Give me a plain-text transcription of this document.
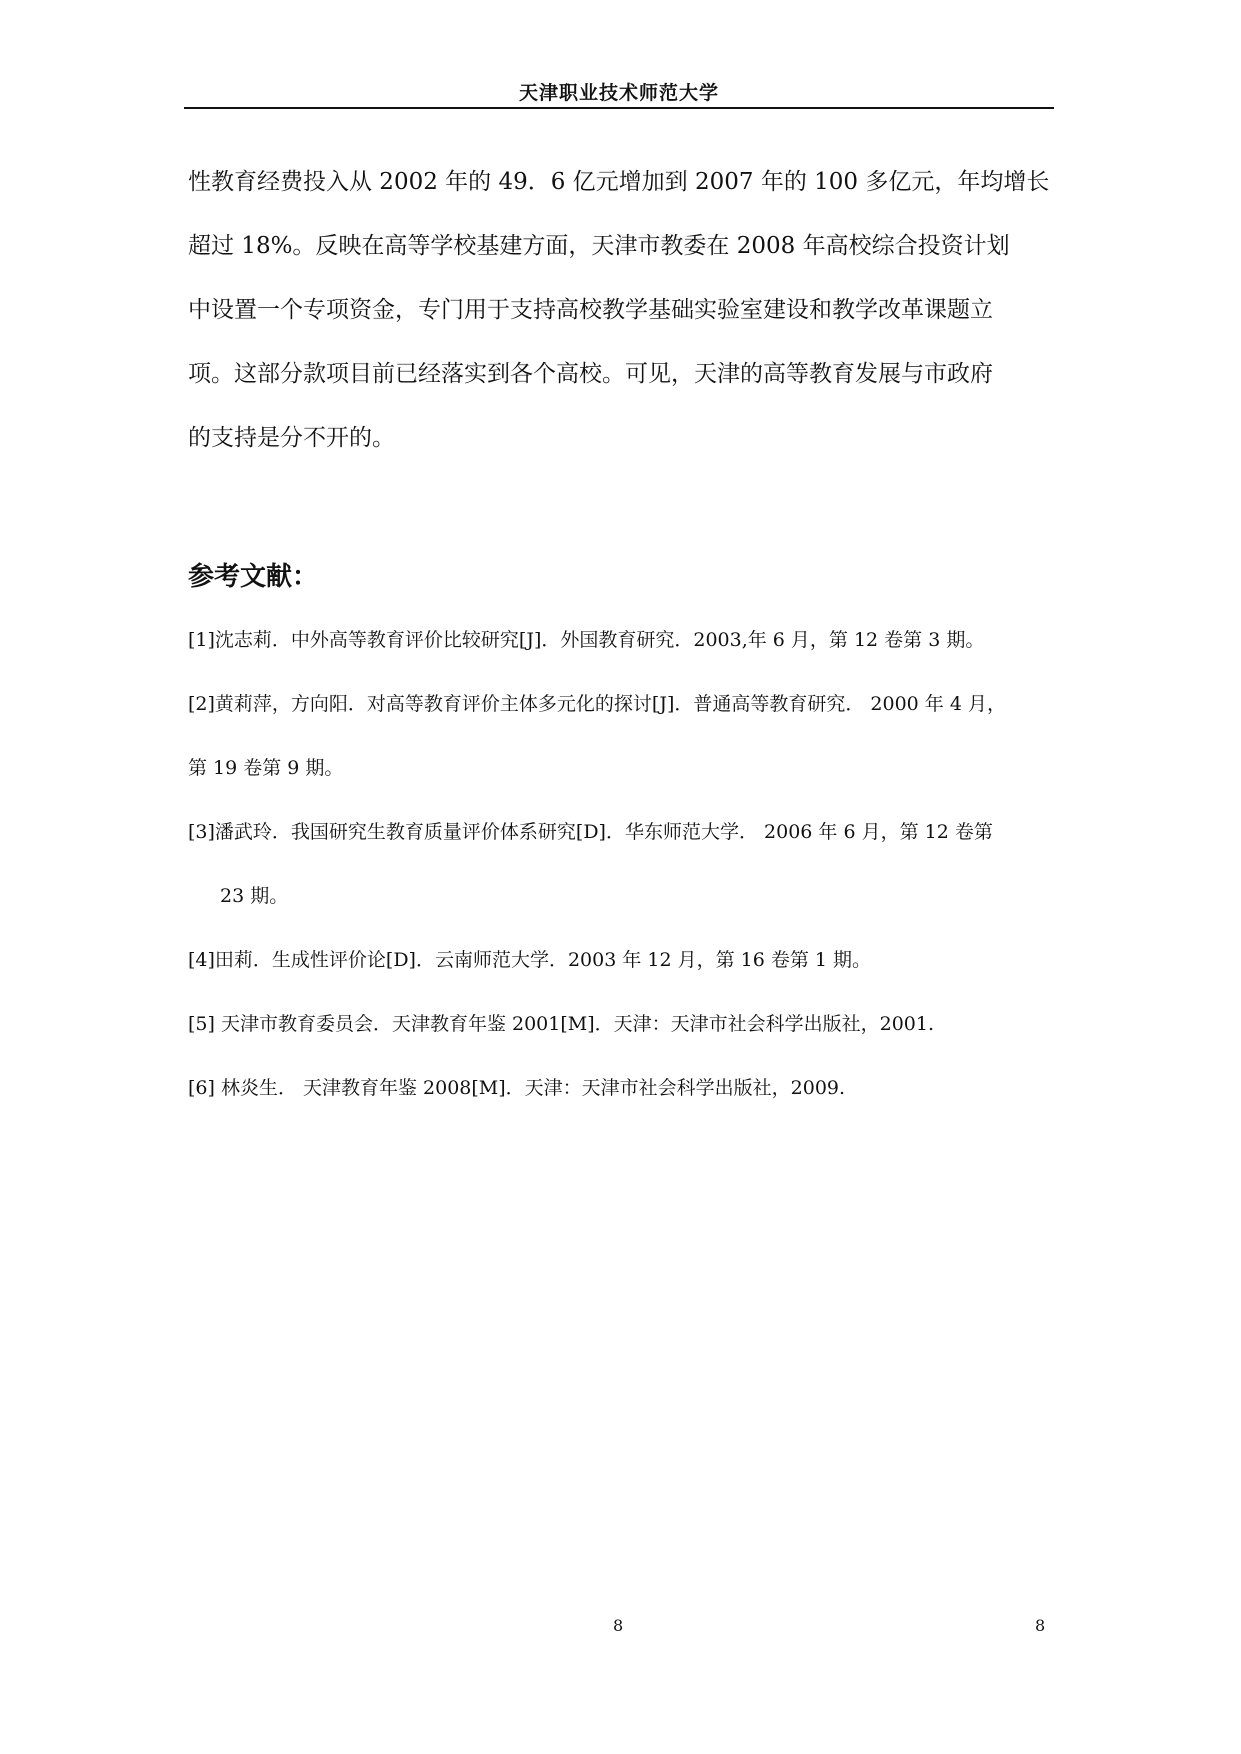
天津职业技术师范大学
性教育经费投入从 2002 年的 49．6 亿元增加到 2007 年的 100 多亿元，年均增长
超过 18%。反映在高等学校基建方面，天津市教委在 2008 年高校综合投资计划
中设置一个专项资金，专门用于支持高校教学基础实验室建设和教学改革课题立
项。这部分款项目前已经落实到各个高校。可见，天津的高等教育发展与市政府
的支持是分不开的。
参考文献：
[1]沈志莉．中外高等教育评价比较研究[J]．外国教育研究．2003,年 6 月，第 12 卷第 3 期。
[2]黄莉萍，方向阳．对高等教育评价主体多元化的探讨[J]．普通高等教育研究． 2000 年 4 月，
第 19 卷第 9 期。
[3]潘武玲．我国研究生教育质量评价体系研究[D]．华东师范大学． 2006 年 6 月，第 12 卷第
23 期。
[4]田莉．生成性评价论[D]．云南师范大学．2003 年 12 月，第 16 卷第 1 期。
[5] 天津市教育委员会．天津教育年鉴 2001[M]．天津：天津市社会科学出版社，2001.
[6] 林炎生． 天津教育年鉴 2008[M]．天津：天津市社会科学出版社，2009.
8	8
